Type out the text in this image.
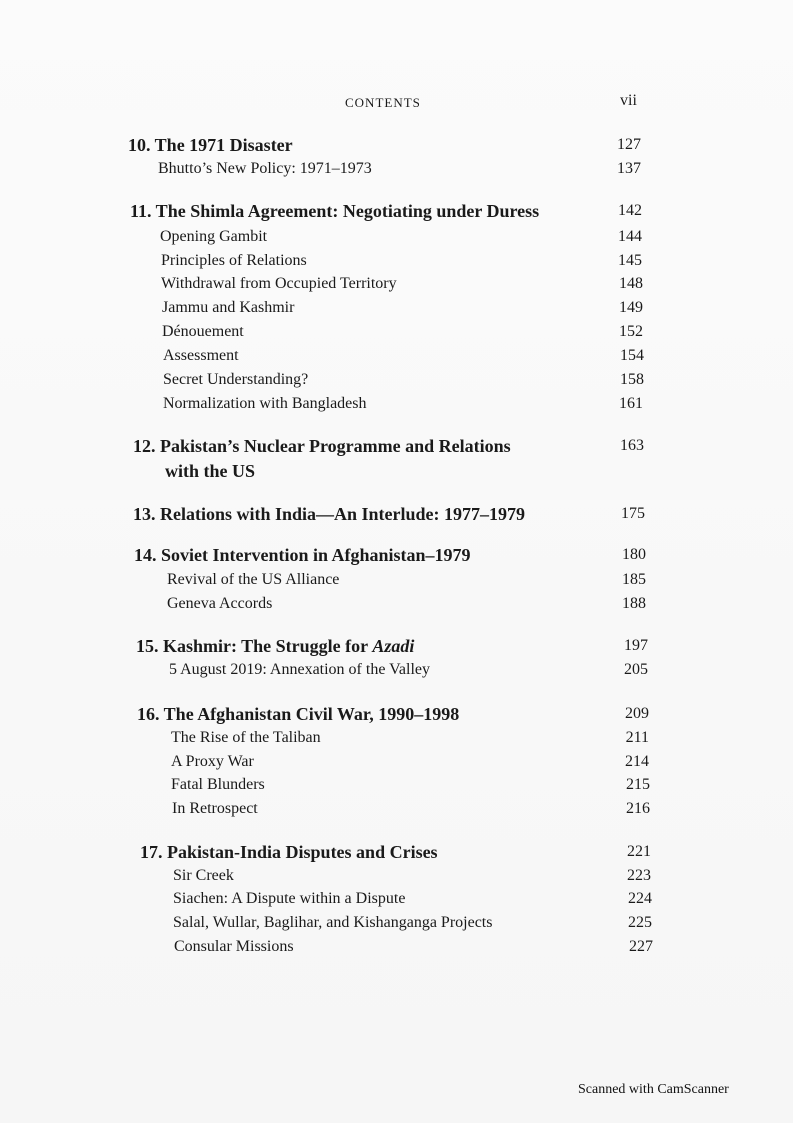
CONTENTS	vii
10. The 1971 Disaster	127
Bhutto’s New Policy: 1971–1973	137
11. The Shimla Agreement: Negotiating under Duress	142
Opening Gambit	144
Principles of Relations	145
Withdrawal from Occupied Territory	148
Jammu and Kashmir	149
Dénouement	152
Assessment	154
Secret Understanding?	158
Normalization with Bangladesh	161
12. Pakistan’s Nuclear Programme and Relations	163
with the US
13. Relations with India—An Interlude: 1977–1979	175
14. Soviet Intervention in Afghanistan–1979	180
Revival of the US Alliance	185
Geneva Accords	188
15. Kashmir: The Struggle for Azadi	197
5 August 2019: Annexation of the Valley	205
16. The Afghanistan Civil War, 1990–1998	209
The Rise of the Taliban	211
A Proxy War	214
Fatal Blunders	215
In Retrospect	216
17. Pakistan-India Disputes and Crises	221
Sir Creek	223
Siachen: A Dispute within a Dispute	224
Salal, Wullar, Baglihar, and Kishanganga Projects	225
Consular Missions	227
Scanned with CamScanner
